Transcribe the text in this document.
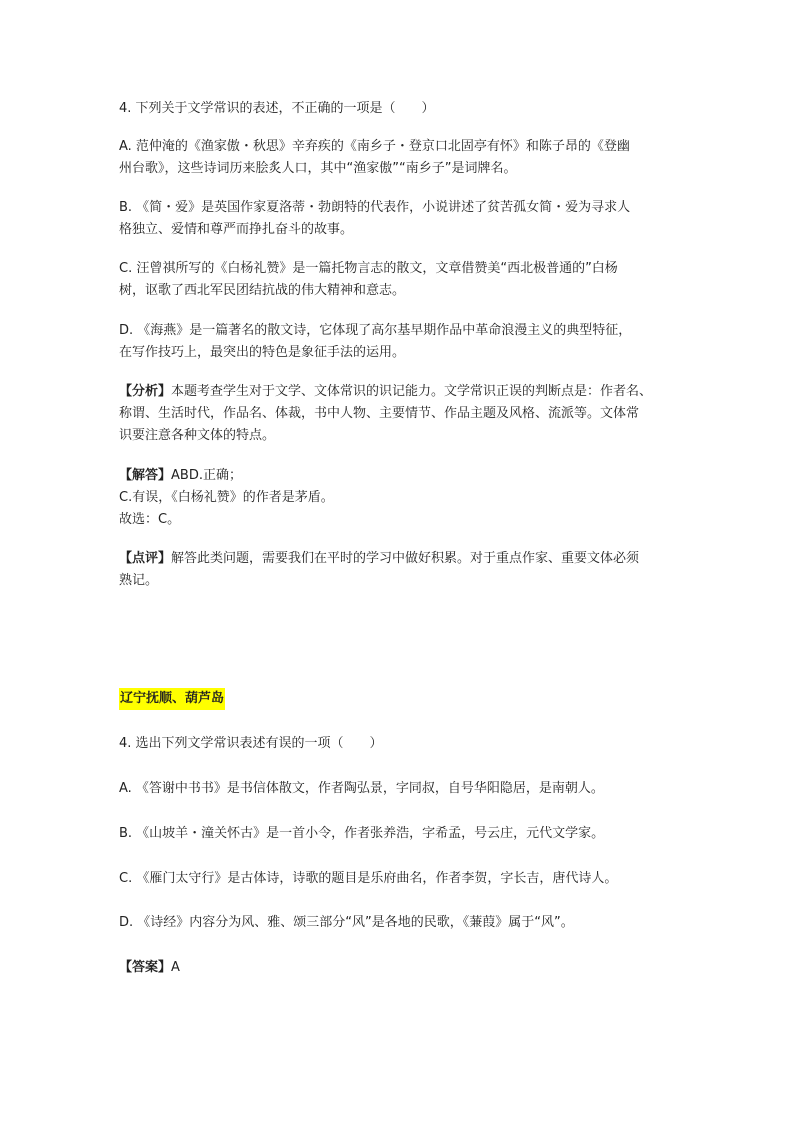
4. 下列关于文学常识的表述，不正确的一项是（　　）

A. 范仲淹的《渔家傲・秋思》辛弃疾的《南乡子・登京口北固亭有怀》和陈子昂的《登幽
州台歌》，这些诗词历来脍炙人口，其中“渔家傲”“南乡子”是词牌名。

B. 《简・爱》是英国作家夏洛蒂・勃朗特的代表作，小说讲述了贫苦孤女简・爱为寻求人
格独立、爱情和尊严而挣扎奋斗的故事。

C. 汪曾祺所写的《白杨礼赞》是一篇托物言志的散文，文章借赞美“西北极普通的”白杨
树，讴歌了西北军民团结抗战的伟大精神和意志。

D. 《海燕》是一篇著名的散文诗，它体现了高尔基早期作品中革命浪漫主义的典型特征，
在写作技巧上，最突出的特色是象征手法的运用。

【分析】本题考查学生对于文学、文体常识的识记能力。文学常识正误的判断点是：作者名、
称谓、生活时代，作品名、体裁，书中人物、主要情节、作品主题及风格、流派等。文体常
识要注意各种文体的特点。

【解答】ABD.正确；
C.有误，《白杨礼赞》的作者是茅盾。
故选：C。

【点评】解答此类问题，需要我们在平时的学习中做好积累。对于重点作家、重要文体必须
熟记。

辽宁抚顺、葫芦岛

4. 选出下列文学常识表述有误的一项（　　）

A. 《答谢中书书》是书信体散文，作者陶弘景，字同叔，自号华阳隐居，是南朝人。

B. 《山坡羊・潼关怀古》是一首小令，作者张养浩，字希孟，号云庄，元代文学家。

C. 《雁门太守行》是古体诗，诗歌的题目是乐府曲名，作者李贺，字长吉，唐代诗人。

D. 《诗经》内容分为风、雅、颂三部分“风”是各地的民歌，《蒹葭》属于“风”。

【答案】A
